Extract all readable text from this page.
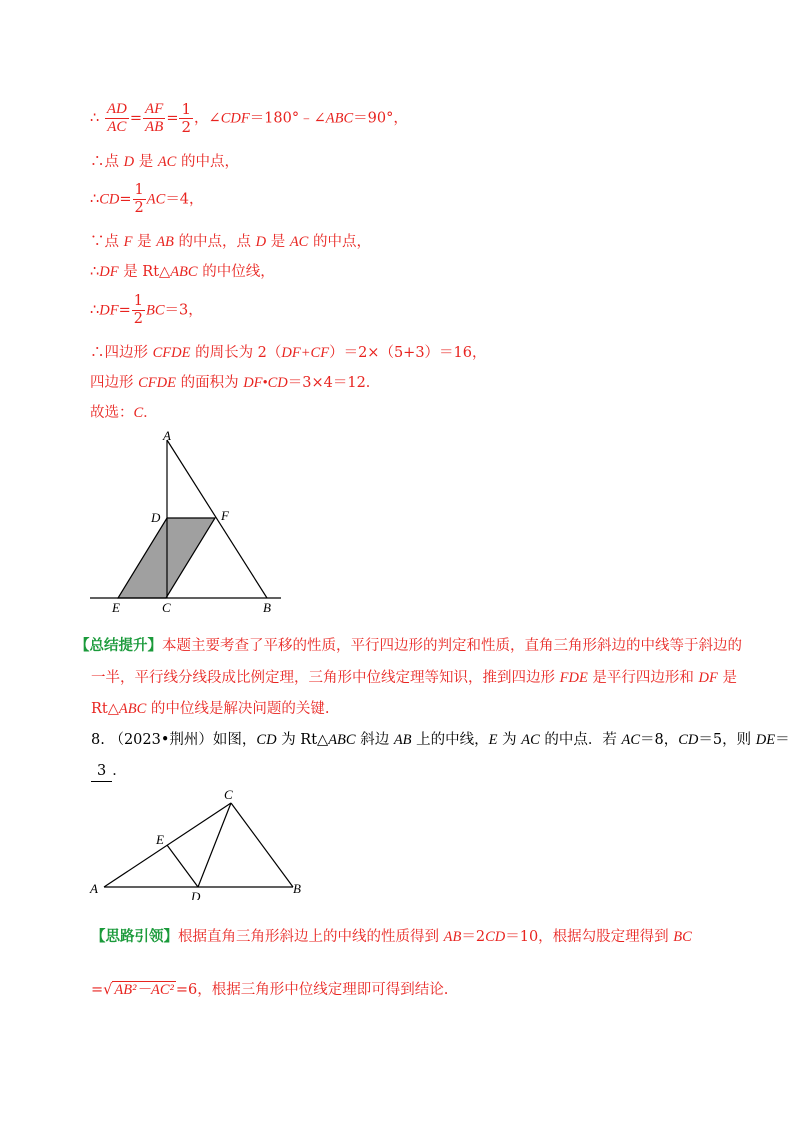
∴ $\frac{AD}{AC} = \frac{AF}{AB} = \frac{1}{2}$ ，∠CDF＝180°﹣∠ABC＝90°，
∴点 D 是 AC 的中点，
∴CD= $\frac{1}{2} AC=4$，
∵点 F 是 AB 的中点，点 D 是 AC 的中点，
∴DF 是 Rt△ABC 的中位线，
∴DF= $\frac{1}{2} BC=3$，
∴四边形 CFDE 的周长为 2（DF+CF）＝2×（5+3）＝16，
四边形 CFDE 的面积为 DF•CD＝3×4＝12．
故选：C．
A
D	F
E	C	B
【总结提升】本题主要考查了平移的性质，平行四边形的判定和性质，直角三角形斜边的中线等于斜边的
一半，平行线分线段成比例定理，三角形中位线定理等知识，推到四边形 FDE 是平行四边形和 DF 是
Rt△ABC 的中位线是解决问题的关键.
8. （2023•荆州）如图，CD 为 Rt△ABC 斜边 AB 上的中线，E 为 AC 的中点．若 AC＝8，CD＝5，则 DE＝
3 ．
C
E
A
D
B
【思路引领】根据直角三角形斜边上的中线的性质得到 AB＝2CD＝10，根据勾股定理得到 BC
=√ AB²－AC² =6，根据三角形中位线定理即可得到结论.
